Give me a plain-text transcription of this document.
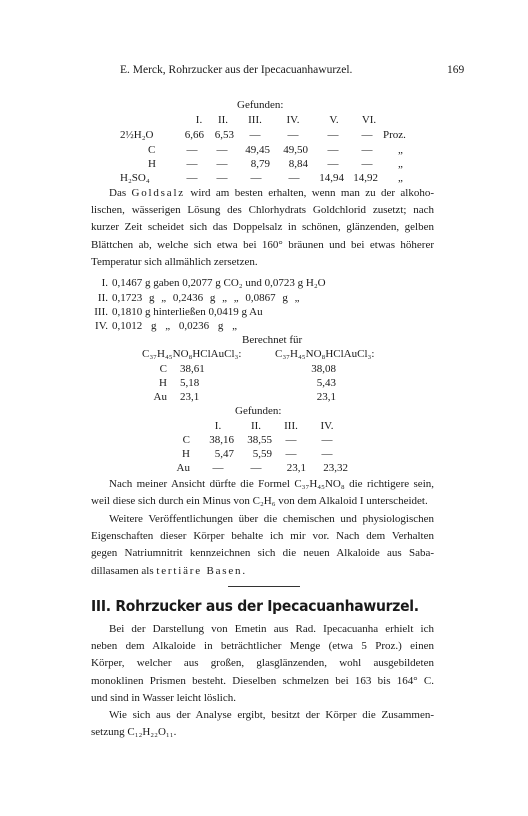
E. Merck, Rohrzucker aus der Ipecacuanhawurzel.	169
Gefunden:
I.	II.	III.	IV.	V.	VI.
2½H₂O	6,66 6,53	—	—	—	— Proz.
C	—	—	49,45	49,50	—	—	„
H	—	—	8,79	8,84	—	—	„
H₂SO₄	—	—	—	—	14,94 14,92 „
Das Goldsalz wird am besten erhalten, wenn man zu der alkoho-
lischen, wässerigen Lösung des Chlorhydrats Goldchlorid zusetzt; nach
kurzer Zeit scheidet sich das Doppelsalz in schönen, glänzenden, gelben
Blättchen ab, welche sich etwa bei 160° bräunen und bei etwas höherer
Temperatur sich allmählich zersetzen.
I. 0,1467 g gaben 0,2077 g CO₂ und 0,0723 g H₂O
II. 0,1723 g „ 0,2436 g „ „ 0,0867 g „
III. 0,1810 g hinterließen 0,0419 g Au
IV. 0,1012 g „ 0,0236 g „
Berechnet für
C₃₇H₄₅NO₈HClAuCl₃:	C₃₇H₄₅NO₈HClAuCl₃:
C 38,61	38,08
H 5,18	5,43
Au 23,1	23,1
Gefunden:
I.	II.	III.	IV.
C	38,16	38,55	—	—
H	5,47	5,59	—	—
Au	—	—	23,1	23,32
Nach meiner Ansicht dürfte die Formel C₃₇H₄₅NO₈ die richtigere sein,
weil diese sich durch ein Minus von C₂H₆ von dem Alkaloid I unterscheidet.
Weitere Veröffentlichungen über die chemischen und physiologischen
Eigenschaften dieser Körper behalte ich mir vor. Nach dem Verhalten
gegen Natriumnitrit kennzeichnen sich die neuen Alkaloide aus Saba-
dillasamen als tertiäre Basen.
III. Rohrzucker aus der Ipecacuanhawurzel.
Bei der Darstellung von Emetin aus Rad. Ipecacuanha erhielt ich
neben dem Alkaloide in beträchtlicher Menge (etwa 5 Proz.) einen
Körper, welcher aus großen, glasglänzenden, wohl ausgebildeten
monoklinen Prismen besteht. Dieselben schmelzen bei 163 bis 164° C.
und sind in Wasser leicht löslich.
Wie sich aus der Analyse ergibt, besitzt der Körper die Zusammen-
setzung C₁₂H₂₂O₁₁.
